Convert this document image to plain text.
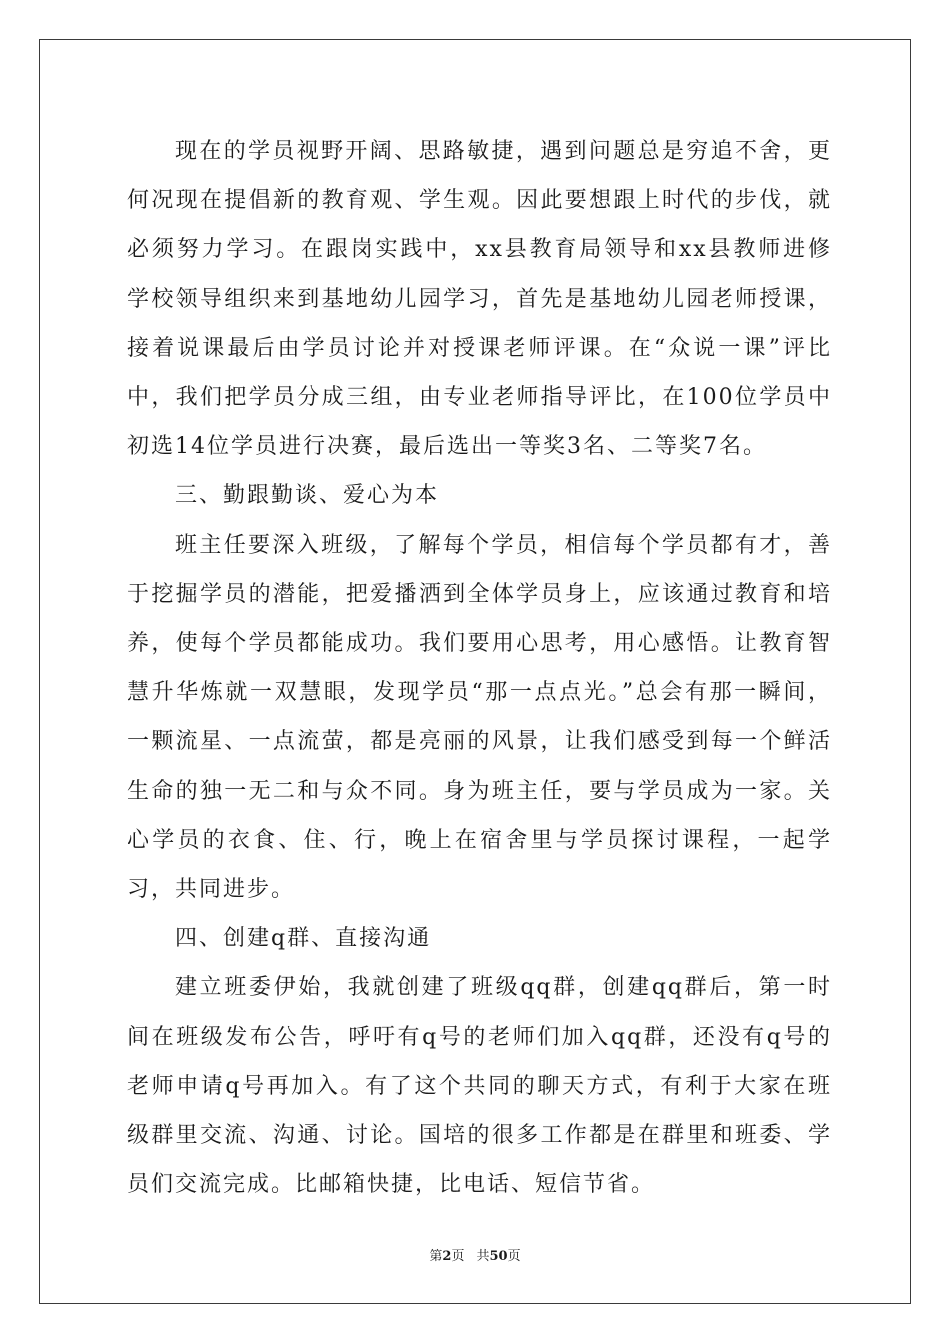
现在的学员视野开阔、思路敏捷，遇到问题总是穷追不舍，更何况现在提倡新的教育观、学生观。因此要想跟上时代的步伐，就必须努力学习。在跟岗实践中，xx县教育局领导和xx县教师进修学校领导组织来到基地幼儿园学习，首先是基地幼儿园老师授课，接着说课最后由学员讨论并对授课老师评课。在“众说一课”评比中，我们把学员分成三组，由专业老师指导评比，在100位学员中初选14位学员进行决赛，最后选出一等奖3名、二等奖7名。

三、勤跟勤谈、爱心为本

班主任要深入班级，了解每个学员，相信每个学员都有才，善于挖掘学员的潜能，把爱播洒到全体学员身上，应该通过教育和培养，使每个学员都能成功。我们要用心思考，用心感悟。让教育智慧升华炼就一双慧眼，发现学员“那一点点光。”总会有那一瞬间，一颗流星、一点流萤，都是亮丽的风景，让我们感受到每一个鲜活生命的独一无二和与众不同。身为班主任，要与学员成为一家。关心学员的衣食、住、行，晚上在宿舍里与学员探讨课程，一起学习，共同进步。

四、创建q群、直接沟通

建立班委伊始，我就创建了班级qq群，创建qq群后，第一时间在班级发布公告，呼吁有q号的老师们加入qq群，还没有q号的老师申请q号再加入。有了这个共同的聊天方式，有利于大家在班级群里交流、沟通、讨论。国培的很多工作都是在群里和班委、学员们交流完成。比邮箱快捷，比电话、短信节省。

第2页 共50页
